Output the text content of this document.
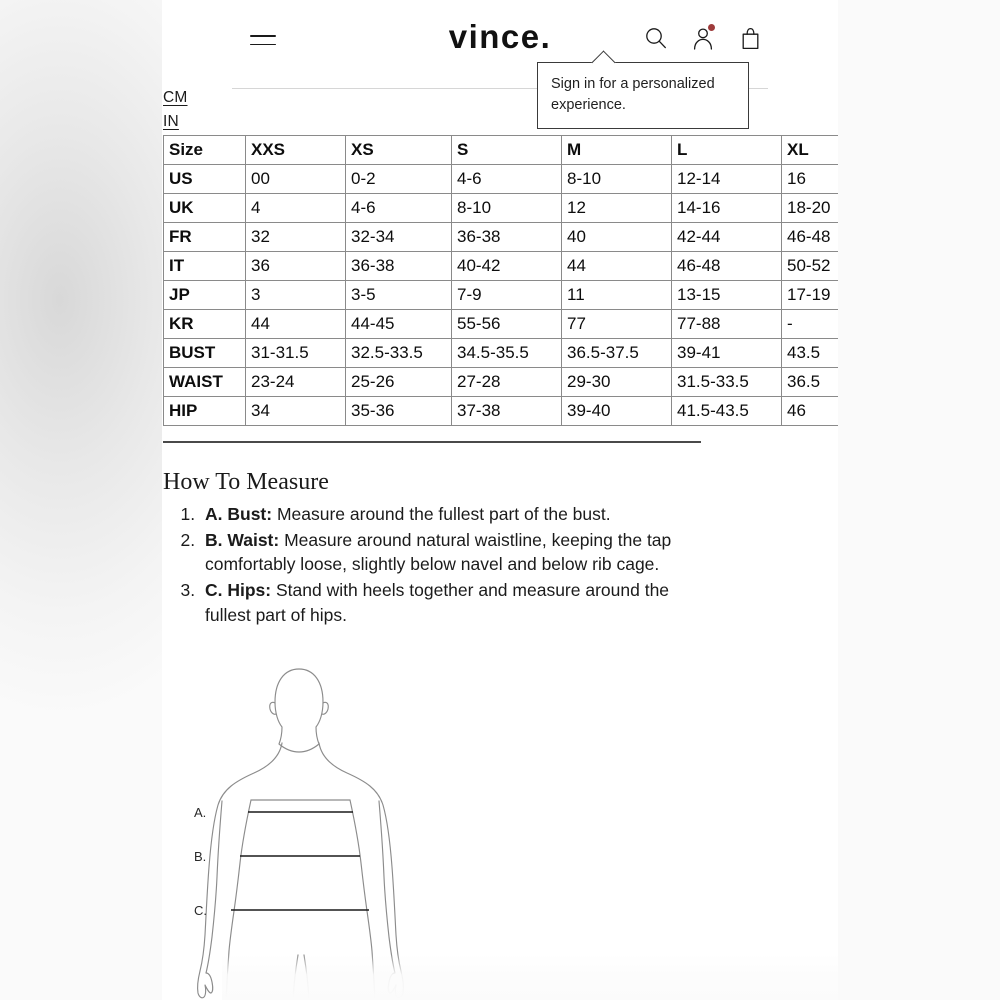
vince.
Sign in for a personalized experience.
CM
IN
Size	XXS	XS	S	M	L	XL
US	00	0-2	4-6	8-10	12-14	16
UK	4	4-6	8-10	12	14-16	18-20
FR	32	32-34	36-38	40	42-44	46-48
IT	36	36-38	40-42	44	46-48	50-52
JP	3	3-5	7-9	11	13-15	17-19
KR	44	44-45	55-56	77	77-88	-
BUST	31-31.5	32.5-33.5	34.5-35.5	36.5-37.5	39-41	43.5
WAIST	23-24	25-26	27-28	29-30	31.5-33.5	36.5
HIP	34	35-36	37-38	39-40	41.5-43.5	46
How To Measure
1. A. Bust: Measure around the fullest part of the bust.
2. B. Waist: Measure around natural waistline, keeping the tap comfortably loose, slightly below navel and below rib cage.
3. C. Hips: Stand with heels together and measure around the fullest part of hips.
A.
B.
C.
